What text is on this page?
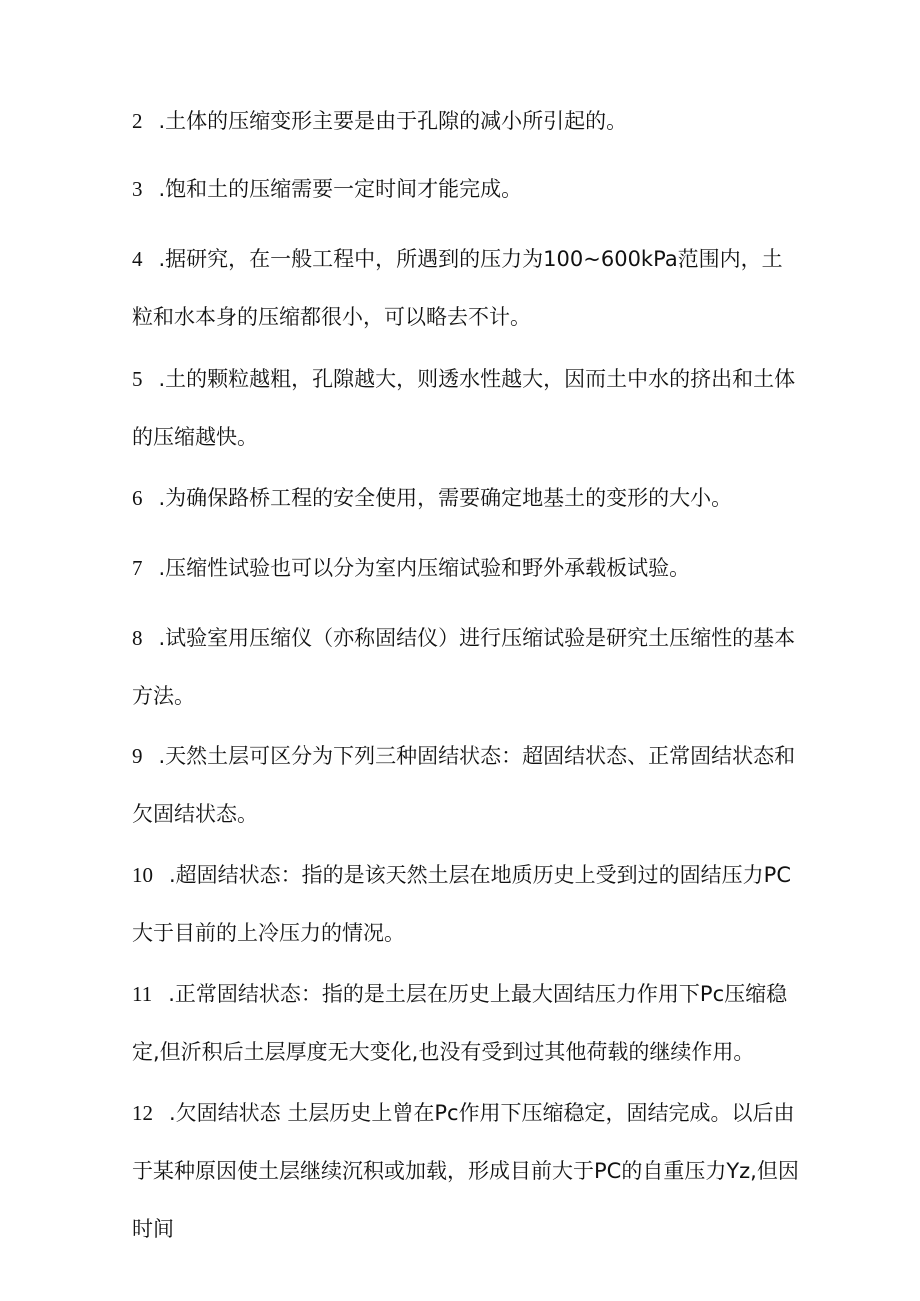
2 .土体的压缩变形主要是由于孔隙的减小所引起的。
3 .饱和土的压缩需要一定时间才能完成。
4 .据研究，在一般工程中，所遇到的压力为100~600kPa范围内，土粒和水本身的压缩都很小，可以略去不计。
5 .土的颗粒越粗，孔隙越大，则透水性越大，因而土中水的挤出和土体的压缩越快。
6 .为确保路桥工程的安全使用，需要确定地基土的变形的大小。
7 .压缩性试验也可以分为室内压缩试验和野外承载板试验。
8 .试验室用压缩仪（亦称固结仪）进行压缩试验是研究土压缩性的基本方法。
9 .天然土层可区分为下列三种固结状态：超固结状态、正常固结状态和欠固结状态。
10 .超固结状态：指的是该天然土层在地质历史上受到过的固结压力PC大于目前的上冷压力的情况。
11 .正常固结状态：指的是土层在历史上最大固结压力作用下Pc压缩稳定,但沂积后土层厚度无大变化,也没有受到过其他荷载的继续作用。
12 .欠固结状态 土层历史上曾在Pc作用下压缩稳定，固结完成。以后由于某种原因使土层继续沉积或加载，形成目前大于PC的自重压力Yz,但因时间
